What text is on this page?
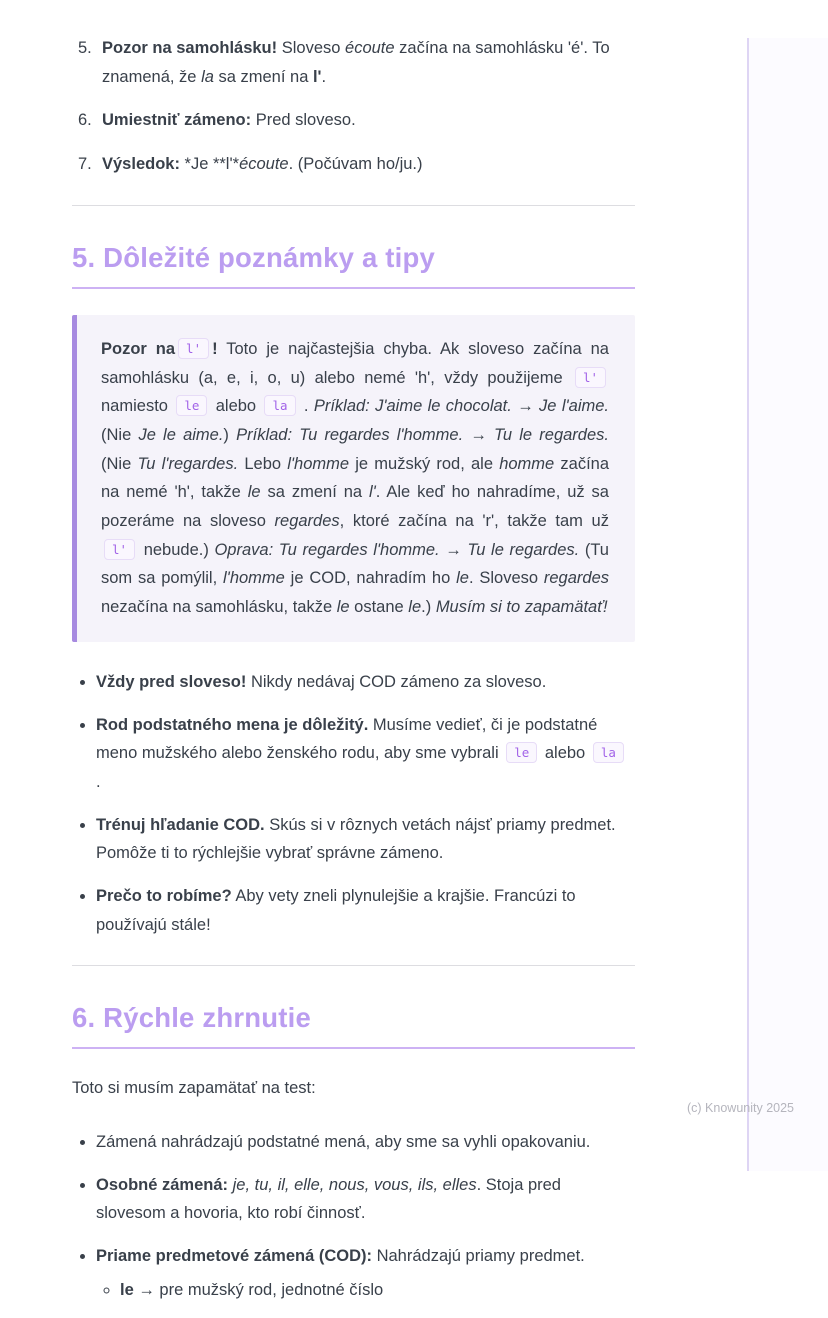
5. Pozor na samohlásku! Sloveso écoute začína na samohlásku 'é'. To znamená, že la sa zmení na l'.
6. Umiestniť zámeno: Pred sloveso.
7. Výsledok: *Je **l'*écoute. (Počúvam ho/ju.)
5. Dôležité poznámky a tipy
Pozor na l' ! Toto je najčastejšia chyba. Ak sloveso začína na samohlásku (a, e, i, o, u) alebo nemé 'h', vždy použijeme l' namiesto le alebo la . Príklad: J'aime le chocolat. → Je l'aime. (Nie Je le aime.) Príklad: Tu regardes l'homme. → Tu le regardes. (Nie Tu l'regardes. Lebo l'homme je mužský rod, ale homme začína na nemé 'h', takže le sa zmení na l'. Ale keď ho nahradíme, už sa pozeráme na sloveso regardes, ktoré začína na 'r', takže tam už l' nebude.) Oprava: Tu regardes l'homme. → Tu le regardes. (Tu som sa pomýlil, l'homme je COD, nahradím ho le. Sloveso regardes nezačína na samohlásku, takže le ostane le.) Musím si to zapamätať!
• Vždy pred sloveso! Nikdy nedávaj COD zámeno za sloveso.
• Rod podstatného mena je dôležitý. Musíme vedieť, či je podstatné meno mužského alebo ženského rodu, aby sme vybrali le alebo la .
• Trénuj hľadanie COD. Skús si v rôznych vetách nájsť priamy predmet. Pomôže ti to rýchlejšie vybrať správne zámeno.
• Prečo to robíme? Aby vety zneli plynulejšie a krajšie. Francúzi to používajú stále!
6. Rýchle zhrnutie

Toto si musím zapamätať na test:

• Zámená nahrádzajú podstatné mená, aby sme sa vyhli opakovaniu.
• Osobné zámená: je, tu, il, elle, nous, vous, ils, elles. Stoja pred slovesom a hovoria, kto robí činnosť.
• Priame predmetové zámená (COD): Nahrádzajú priamy predmet.
◦ le → pre mužský rod, jednotné číslo
(c) Knowunity 2025
